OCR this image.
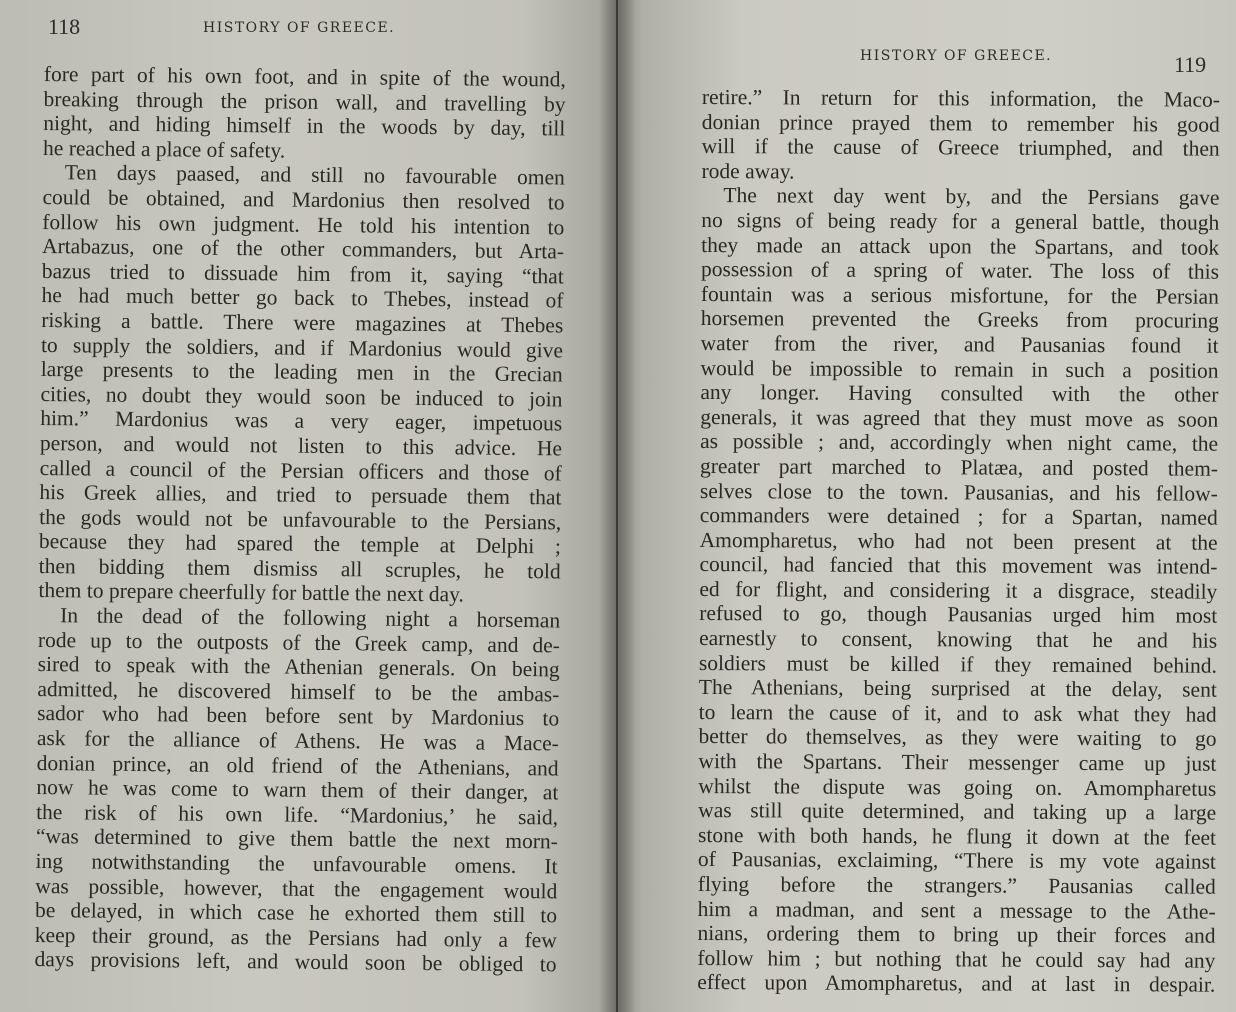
118	HISTORY OF GREECE.
fore part of his own foot, and in spite of the wound,
breaking through the prison wall, and travelling by
night, and hiding himself in the woods by day, till
he reached a place of safety.
Ten days paased, and still no favourable omen
could be obtained, and Mardonius then resolved to
follow his own judgment. He told his intention to
Artabazus, one of the other commanders, but Arta-
bazus tried to dissuade him from it, saying “that
he had much better go back to Thebes, instead of
risking a battle. There were magazines at Thebes
to supply the soldiers, and if Mardonius would give
large presents to the leading men in the Grecian
cities, no doubt they would soon be induced to join
him.” Mardonius was a very eager, impetuous
person, and would not listen to this advice. He
called a council of the Persian officers and those of
his Greek allies, and tried to persuade them that
the gods would not be unfavourable to the Persians,
because they had spared the temple at Delphi ;
then bidding them dismiss all scruples, he told
them to prepare cheerfully for battle the next day.
In the dead of the following night a horseman
rode up to the outposts of the Greek camp, and de-
sired to speak with the Athenian generals. On being
admitted, he discovered himself to be the ambas-
sador who had been before sent by Mardonius to
ask for the alliance of Athens. He was a Mace-
donian prince, an old friend of the Athenians, and
now he was come to warn them of their danger, at
the risk of his own life. “Mardonius,’ he said,
“was determined to give them battle the next morn-
ing notwithstanding the unfavourable omens. It
was possible, however, that the engagement would
be delayed, in which case he exhorted them still to
keep their ground, as the Persians had only a few
days provisions left, and would soon be obliged to
HISTORY OF GREECE.	119
retire.” In return for this information, the Maco-
donian prince prayed them to remember his good
will if the cause of Greece triumphed, and then
rode away.
The next day went by, and the Persians gave
no signs of being ready for a general battle, though
they made an attack upon the Spartans, and took
possession of a spring of water. The loss of this
fountain was a serious misfortune, for the Persian
horsemen prevented the Greeks from procuring
water from the river, and Pausanias found it
would be impossible to remain in such a position
any longer. Having consulted with the other
generals, it was agreed that they must move as soon
as possible ; and, accordingly when night came, the
greater part marched to Platæa, and posted them-
selves close to the town. Pausanias, and his fellow-
commanders were detained ; for a Spartan, named
Amompharetus, who had not been present at the
council, had fancied that this movement was intend-
ed for flight, and considering it a disgrace, steadily
refused to go, though Pausanias urged him most
earnestly to consent, knowing that he and his
soldiers must be killed if they remained behind.
The Athenians, being surprised at the delay, sent
to learn the cause of it, and to ask what they had
better do themselves, as they were waiting to go
with the Spartans. Their messenger came up just
whilst the dispute was going on. Amompharetus
was still quite determined, and taking up a large
stone with both hands, he flung it down at the feet
of Pausanias, exclaiming, “There is my vote against
flying before the strangers.” Pausanias called
him a madman, and sent a message to the Athe-
nians, ordering them to bring up their forces and
follow him ; but nothing that he could say had any
effect upon Amompharetus, and at last in despair.
